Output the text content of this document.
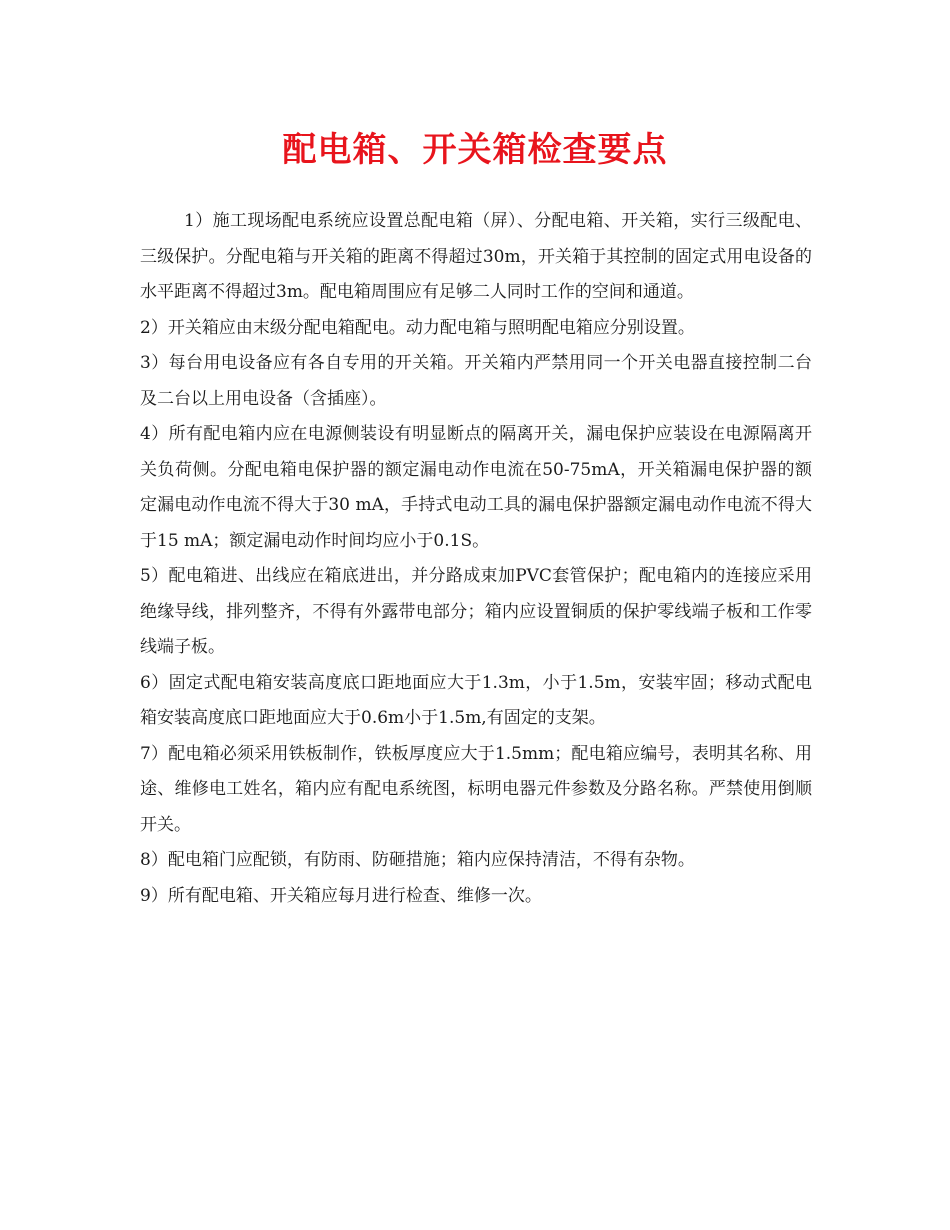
配电箱、开关箱检查要点

1）施工现场配电系统应设置总配电箱（屏）、分配电箱、开关箱，实行三级配电、三级保护。分配电箱与开关箱的距离不得超过30m，开关箱于其控制的固定式用电设备的水平距离不得超过3m。配电箱周围应有足够二人同时工作的空间和通道。

2）开关箱应由末级分配电箱配电。动力配电箱与照明配电箱应分别设置。

3）每台用电设备应有各自专用的开关箱。开关箱内严禁用同一个开关电器直接控制二台及二台以上用电设备（含插座）。

4）所有配电箱内应在电源侧装设有明显断点的隔离开关，漏电保护应装设在电源隔离开关负荷侧。分配电箱电保护器的额定漏电动作电流在50-75mA，开关箱漏电保护器的额定漏电动作电流不得大于30 mA，手持式电动工具的漏电保护器额定漏电动作电流不得大于15 mA；额定漏电动作时间均应小于0.1S。

5）配电箱进、出线应在箱底进出，并分路成束加PVC套管保护；配电箱内的连接应采用绝缘导线，排列整齐，不得有外露带电部分；箱内应设置铜质的保护零线端子板和工作零线端子板。

6）固定式配电箱安装高度底口距地面应大于1.3m，小于1.5m，安装牢固；移动式配电箱安装高度底口距地面应大于0.6m小于1.5m,有固定的支架。

7）配电箱必须采用铁板制作，铁板厚度应大于1.5mm；配电箱应编号，表明其名称、用途、维修电工姓名，箱内应有配电系统图，标明电器元件参数及分路名称。严禁使用倒顺开关。

8）配电箱门应配锁，有防雨、防砸措施；箱内应保持清洁，不得有杂物。

9）所有配电箱、开关箱应每月进行检查、维修一次。
